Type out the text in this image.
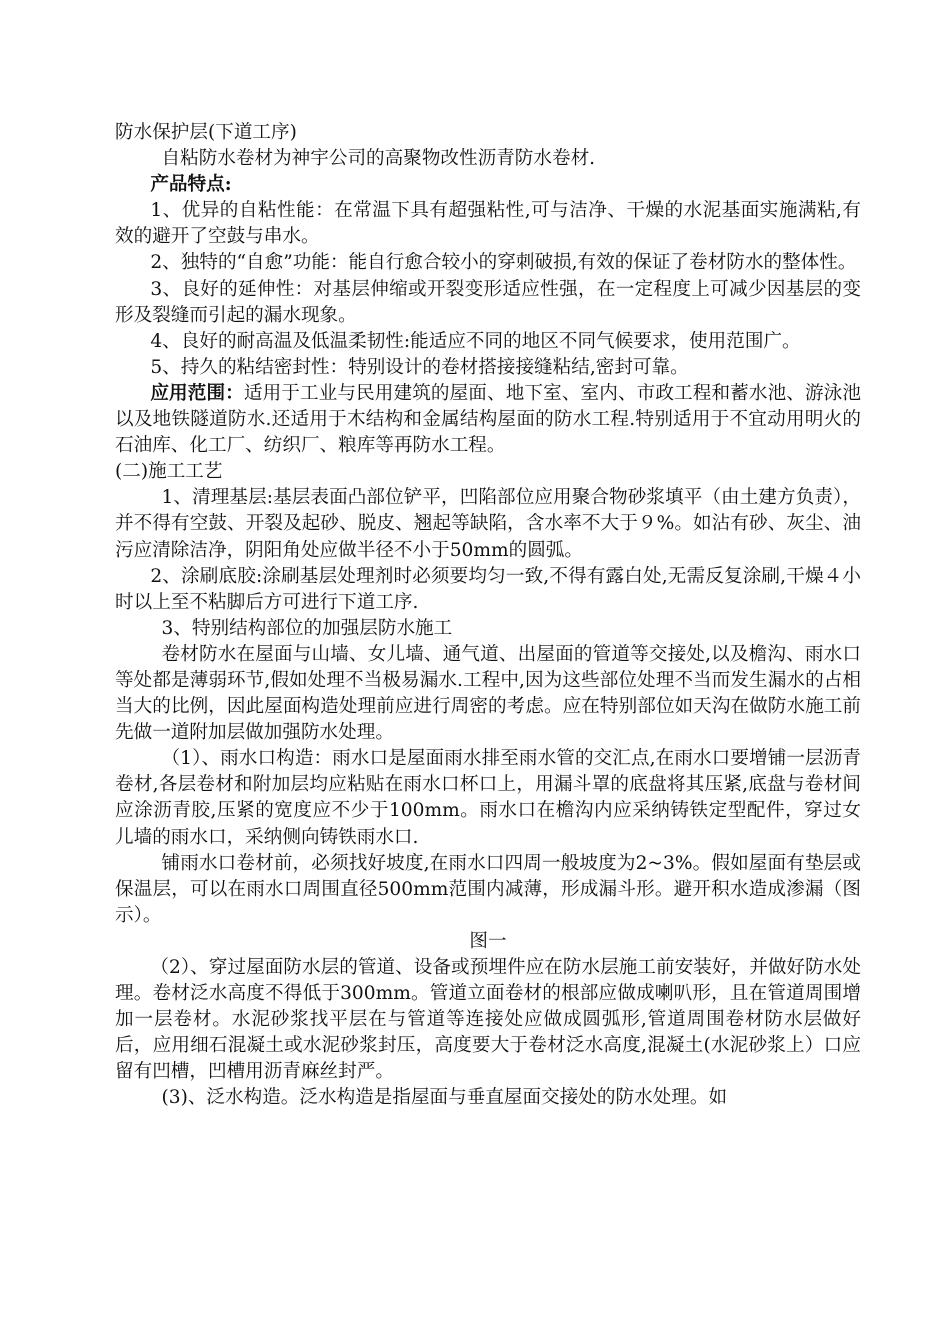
防水保护层(下道工序)

自粘防水卷材为神宇公司的高聚物改性沥青防水卷材.

产品特点:

1、优异的自粘性能：在常温下具有超强粘性,可与洁净、干燥的水泥基面实施满粘,有效的避开了空鼓与串水。

2、独特的“自愈”功能：能自行愈合较小的穿刺破损,有效的保证了卷材防水的整体性。

3、良好的延伸性：对基层伸缩或开裂变形适应性强，在一定程度上可减少因基层的变形及裂缝而引起的漏水现象。

4、良好的耐高温及低温柔韧性:能适应不同的地区不同气候要求，使用范围广。

5、持久的粘结密封性：特别设计的卷材搭接接缝粘结,密封可靠。

应用范围：适用于工业与民用建筑的屋面、地下室、室内、市政工程和蓄水池、游泳池以及地铁隧道防水.还适用于木结构和金属结构屋面的防水工程.特别适用于不宜动用明火的石油库、化工厂、纺织厂、粮库等再防水工程。

(二)施工工艺

1、清理基层:基层表面凸部位铲平，凹陷部位应用聚合物砂浆填平（由土建方负责），并不得有空鼓、开裂及起砂、脱皮、翘起等缺陷，含水率不大于９%。如沾有砂、灰尘、油污应清除洁净，阴阳角处应做半径不小于50mm的圆弧。

2、涂刷底胶:涂刷基层处理剂时必须要均匀一致,不得有露白处,无需反复涂刷,干燥４小时以上至不粘脚后方可进行下道工序.

3、特别结构部位的加强层防水施工

卷材防水在屋面与山墙、女儿墙、通气道、出屋面的管道等交接处,以及檐沟、雨水口等处都是薄弱环节,假如处理不当极易漏水.工程中,因为这些部位处理不当而发生漏水的占相当大的比例，因此屋面构造处理前应进行周密的考虑。应在特别部位如天沟在做防水施工前先做一道附加层做加强防水处理。

（1）、雨水口构造：雨水口是屋面雨水排至雨水管的交汇点,在雨水口要增铺一层沥青卷材,各层卷材和附加层均应粘贴在雨水口杯口上，用漏斗罩的底盘将其压紧,底盘与卷材间应涂沥青胶,压紧的宽度应不少于100mm。雨水口在檐沟内应采纳铸铁定型配件，穿过女儿墙的雨水口，采纳侧向铸铁雨水口.

铺雨水口卷材前，必须找好坡度,在雨水口四周一般坡度为2~3%。假如屋面有垫层或保温层，可以在雨水口周围直径500mm范围内减薄，形成漏斗形。避开积水造成渗漏（图示）。

图一

（2）、穿过屋面防水层的管道、设备或预埋件应在防水层施工前安装好，并做好防水处理。卷材泛水高度不得低于300mm。管道立面卷材的根部应做成喇叭形，且在管道周围增加一层卷材。水泥砂浆找平层在与管道等连接处应做成圆弧形,管道周围卷材防水层做好后，应用细石混凝土或水泥砂浆封压，高度要大于卷材泛水高度,混凝土(水泥砂浆上）口应留有凹槽，凹槽用沥青麻丝封严。

(3)、泛水构造。泛水构造是指屋面与垂直屋面交接处的防水处理。如
